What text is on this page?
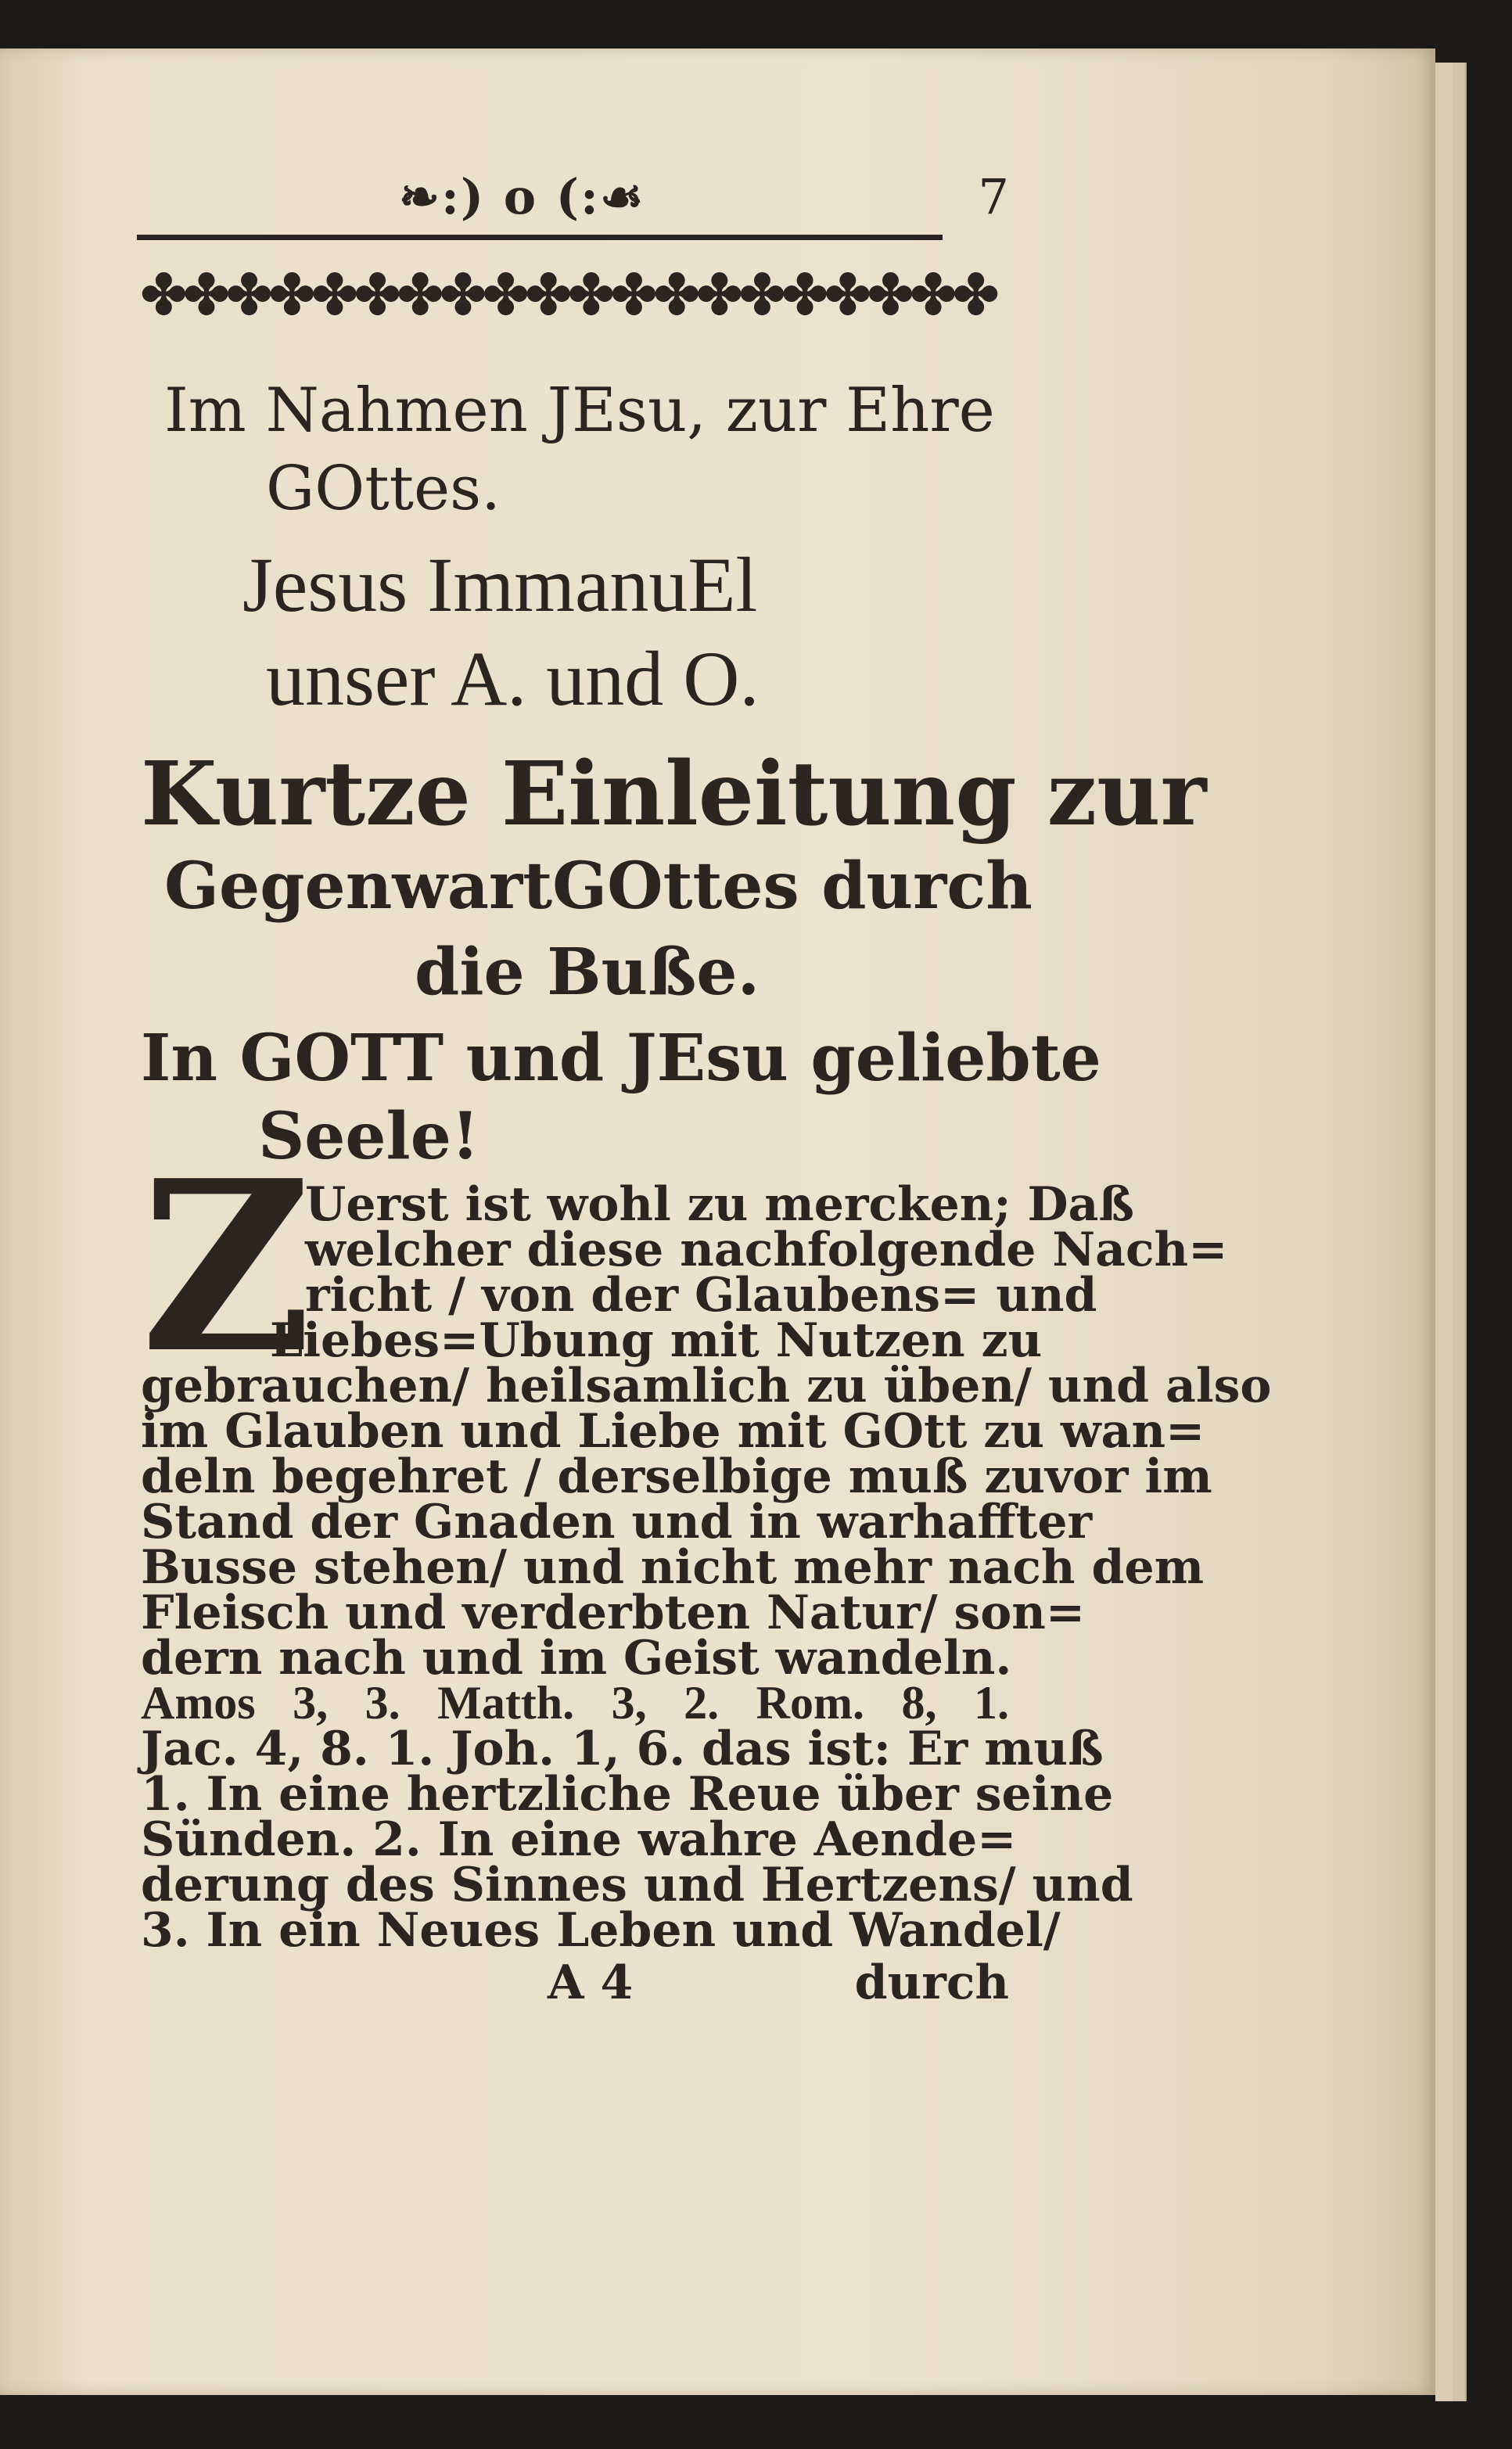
❧:) o (:☙	7
✤✤✤✤✤✤✤✤✤✤✤✤✤✤✤✤✤✤✤✤
Im Nahmen JEsu, zur Ehre
GOttes.
Jesus ImmanuEl
unser A. und O.
Kurtze Einleitung zur
GegenwartGOttes durch
die Buße.
In GOTT und JEsu geliebte
Seele!
Z
Uerst ist wohl zu mercken; Daß
welcher diese nachfolgende Nach=
richt / von der Glaubens= und
Liebes=Ubung mit Nutzen zu
gebrauchen/ heilsamlich zu üben/ und also
im Glauben und Liebe mit GOtt zu wan=
deln begehret / derselbige muß zuvor im
Stand der Gnaden und in warhaffter
Busse stehen/ und nicht mehr nach dem
Fleisch und verderbten Natur/ son=
dern nach und im Geist wandeln.
Amos 3, 3. Matth. 3, 2. Rom. 8, 1.
Jac. 4, 8. 1. Joh. 1, 6. das ist: Er muß
1. In eine hertzliche Reue über seine
Sünden. 2. In eine wahre Aende=
derung des Sinnes und Hertzens/ und
3. In ein Neues Leben und Wandel/
A 4	durch
